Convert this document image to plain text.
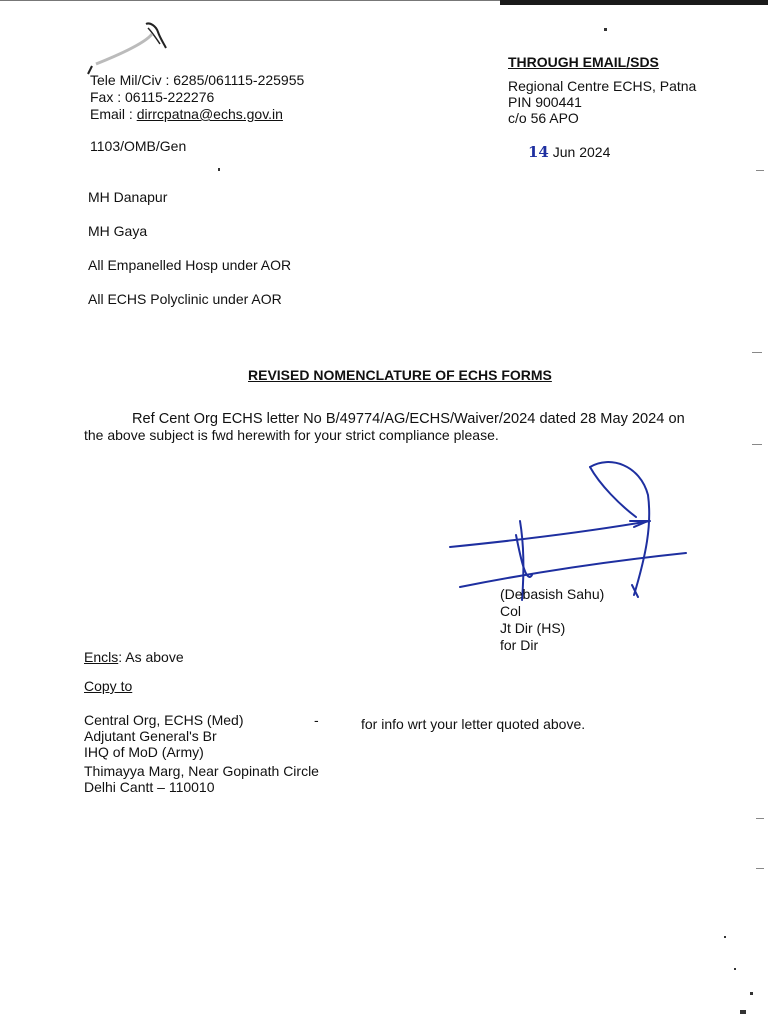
Tele Mil/Civ : 6285/061115-225955
Fax : 06115-222276
Email : dirrcpatna@echs.gov.in
1103/OMB/Gen
THROUGH EMAIL/SDS
Regional Centre ECHS, Patna
PIN 900441
c/o 56 APO
14 Jun 2024
MH Danapur
MH Gaya
All Empanelled Hosp under AOR
All ECHS Polyclinic under AOR
REVISED NOMENCLATURE OF ECHS FORMS
Ref Cent Org ECHS letter No B/49774/AG/ECHS/Waiver/2024 dated 28 May 2024 on
the above subject is fwd herewith for your strict compliance please.
(Debasish Sahu)
Col
Jt Dir (HS)
for Dir
Encls: As above
Copy to
Central Org, ECHS (Med)
Adjutant General's Br
IHQ of MoD (Army)
Thimayya Marg, Near Gopinath Circle
Delhi Cantt – 110010
-	for info wrt your letter quoted above.
